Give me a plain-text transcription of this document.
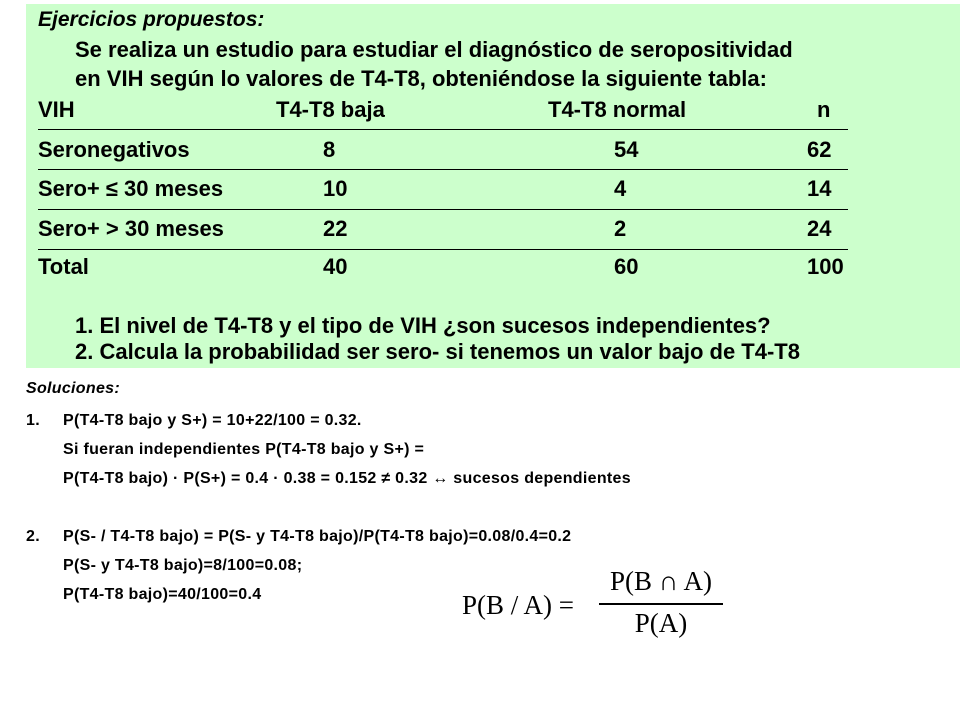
Ejercicios propuestos:
Se realiza un estudio para estudiar el diagnóstico de seropositividad
en VIH según lo valores de T4-T8, obteniéndose la siguiente tabla:
VIH	T4-T8 baja	T4-T8 normal	n
Seronegativos	8	54	62
Sero+ ≤ 30 meses	10	4	14
Sero+ > 30 meses	22	2	24
Total	40	60	100
1. El nivel de T4-T8 y el tipo de VIH ¿son sucesos independientes?
2. Calcula la probabilidad ser sero- si tenemos un valor bajo de T4-T8
Soluciones:
1. P(T4-T8 bajo y S+) = 10+22/100 = 0.32.
Si fueran independientes P(T4-T8 bajo y S+) =
P(T4-T8 bajo) · P(S+) = 0.4 · 0.38 = 0.152 ≠ 0.32 ↔ sucesos dependientes
2. P(S- / T4-T8 bajo) = P(S- y T4-T8 bajo)/P(T4-T8 bajo)=0.08/0.4=0.2
P(S- y T4-T8 bajo)=8/100=0.08;
P(T4-T8 bajo)=40/100=0.4	P(B / A) =
P(B ∩ A)
P(A)
